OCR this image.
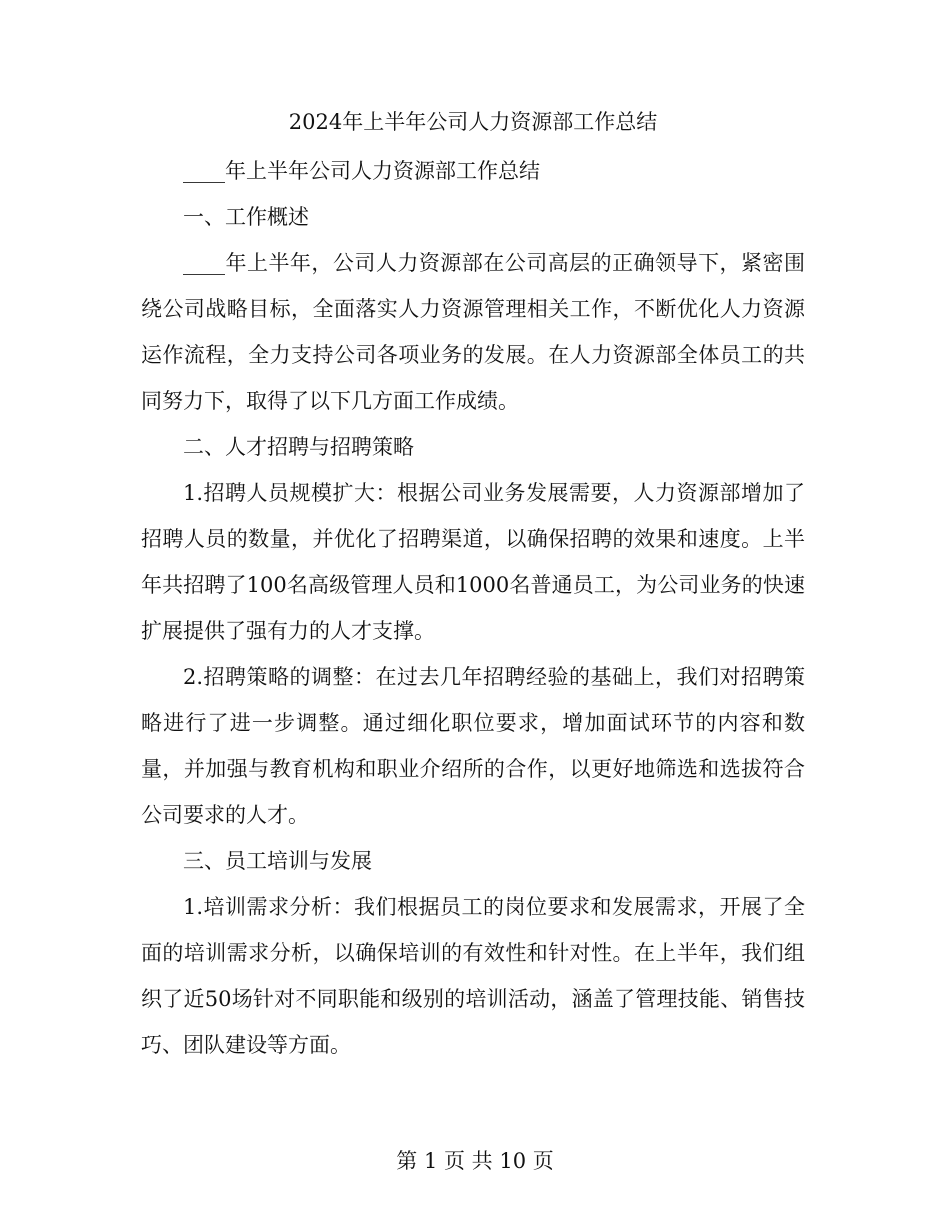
2024年上半年公司人力资源部工作总结

____年上半年公司人力资源部工作总结

一、工作概述

____年上半年，公司人力资源部在公司高层的正确领导下，紧密围绕公司战略目标，全面落实人力资源管理相关工作，不断优化人力资源运作流程，全力支持公司各项业务的发展。在人力资源部全体员工的共同努力下，取得了以下几方面工作成绩。

二、人才招聘与招聘策略

1.招聘人员规模扩大：根据公司业务发展需要，人力资源部增加了招聘人员的数量，并优化了招聘渠道，以确保招聘的效果和速度。上半年共招聘了100名高级管理人员和1000名普通员工，为公司业务的快速扩展提供了强有力的人才支撑。

2.招聘策略的调整：在过去几年招聘经验的基础上，我们对招聘策略进行了进一步调整。通过细化职位要求，增加面试环节的内容和数量，并加强与教育机构和职业介绍所的合作，以更好地筛选和选拔符合公司要求的人才。

三、员工培训与发展

1.培训需求分析：我们根据员工的岗位要求和发展需求，开展了全面的培训需求分析，以确保培训的有效性和针对性。在上半年，我们组织了近50场针对不同职能和级别的培训活动，涵盖了管理技能、销售技巧、团队建设等方面。

第 1 页 共 10 页
